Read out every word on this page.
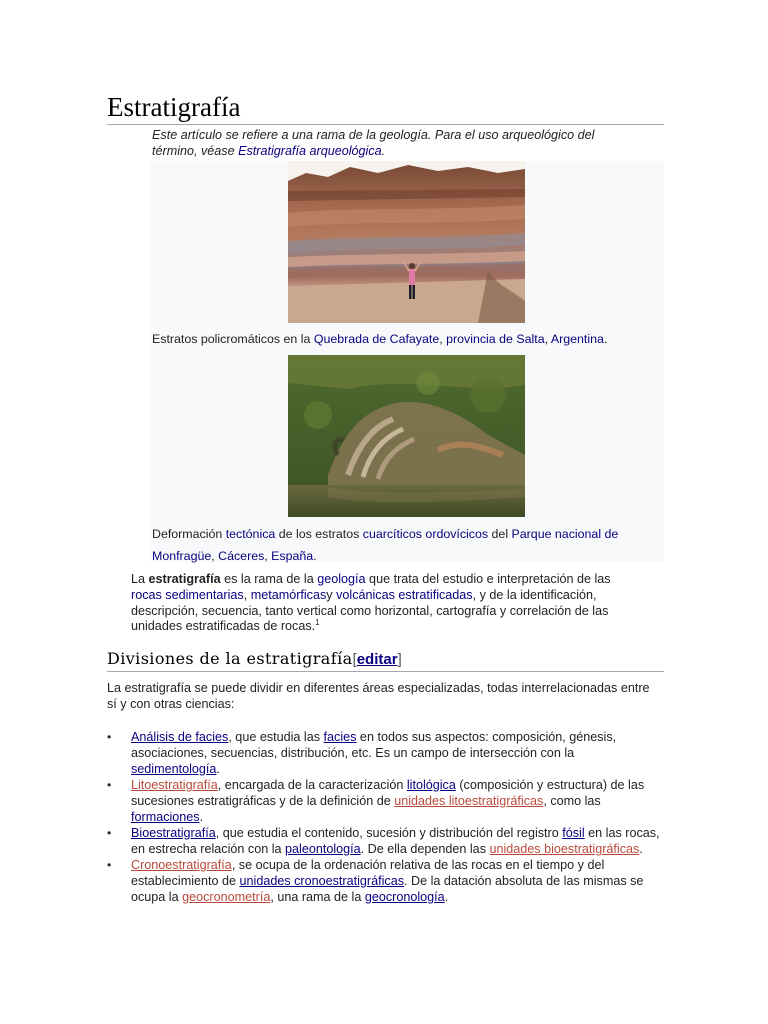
Estratigrafía
Este artículo se refiere a una rama de la geología. Para el uso arqueológico del término, véase Estratigrafía arqueológica.
Estratos policromáticos en la Quebrada de Cafayate, provincia de Salta, Argentina.
Deformación tectónica de los estratos cuarcíticos ordovícicos del Parque nacional de Monfragüe, Cáceres, España.
La estratigrafía es la rama de la geología que trata del estudio e interpretación de las rocas sedimentarias, metamórficasy volcánicas estratificadas, y de la identificación, descripción, secuencia, tanto vertical como horizontal, cartografía y correlación de las unidades estratificadas de rocas.$^1$
Divisiones de la estratigrafía[editar]
La estratigrafía se puede dividir en diferentes áreas especializadas, todas interrelacionadas entre sí y con otras ciencias:
• Análisis de facies, que estudia las facies en todos sus aspectos: composición, génesis, asociaciones, secuencias, distribución, etc. Es un campo de intersección con la sedimentología.
• Litoestratigrafía, encargada de la caracterización litológica (composición y estructura) de las sucesiones estratigráficas y de la definición de unidades litoestratigráficas, como las formaciones.
• Bioestratigrafía, que estudia el contenido, sucesión y distribución del registro fósil en las rocas, en estrecha relación con la paleontología. De ella dependen las unidades bioestratigráficas.
• Cronoestratigrafía, se ocupa de la ordenación relativa de las rocas en el tiempo y del establecimiento de unidades cronoestratigráficas. De la datación absoluta de las mismas se ocupa la geocronometría, una rama de la geocronología.
